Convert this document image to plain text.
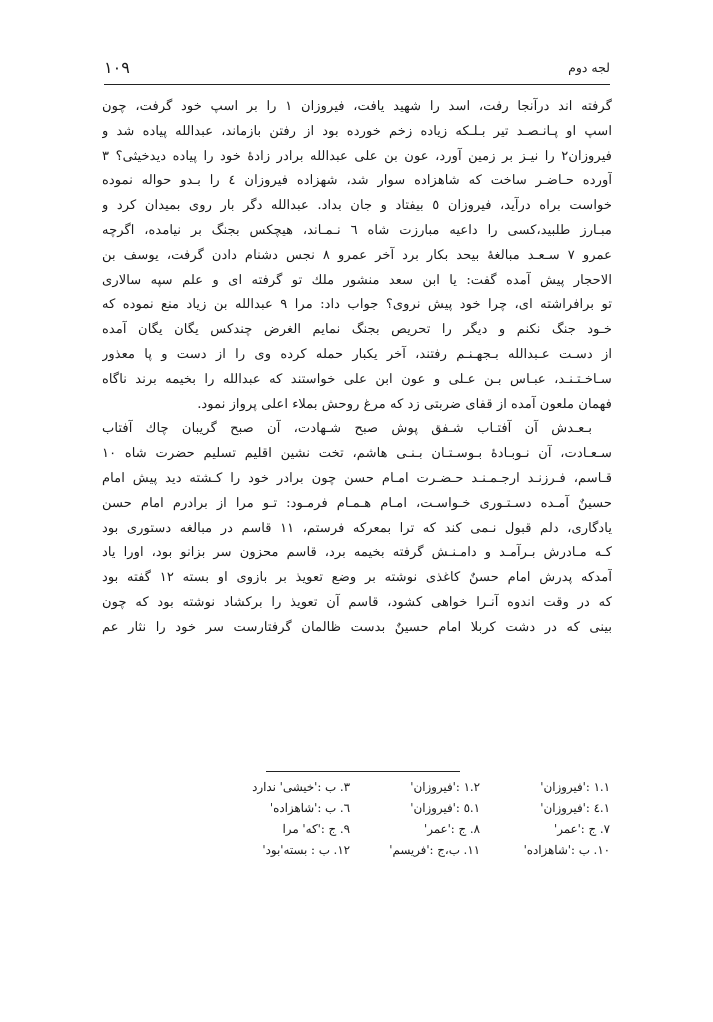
لجه دوم
۱۰۹
گرفته اند درآنجا رفت، اسد را شهید یافت، فیروزان ۱ را بر اسپ خود گرفت، چون
اسپ او پـانـصـد تیر بـلـکه زیاده زخم خورده بود از رفتن بازماند، عبدالله پیاده شد و
فیروزان۲ را نیـز بر زمین آورد، عون بن علی عبدالله برادر زادهٔ خود را پیاده دیدخیثی؟ ۳
آورده حـاضـر ساخت که شاهزاده سوار شد، شهزاده فیروزان ٤ را بـدو حواله نموده
خواست براه درآید، فیروزان ٥ بیفتاد و جان بداد. عبدالله دگر بار روی بمیدان کرد و
مبـارز طلبید،کسی را داعیه مبارزت شاه ٦ نـمـاند، هیچکس بجنگ بر نیامده، اگرچه
عمرو ۷ سـعـد مبالغهٔ بیحد بکار برد آخر عمرو ۸ نجس دشنام دادن گرفت، یوسف بن
الاحجار پیش آمده گفت: یا ابن سعد منشور ملك تو گرفته ای و علم سپه سالاری
تو برافراشته ای، چرا خود پیش نروی؟ جواب داد: مرا ۹ عبدالله بن زیاد منع نموده که
خـود جنگ نکنم و دیگر را تحریص بجنگ نمایم الغرض چندکس یگان یگان آمده
از دسـت عـبدالله بـجهـنـم رفتند، آخر یکبار حمله کرده وی را از دست و پا معذور
سـاخـتـنـد، عبـاس بـن عـلی و عون ابن علی خواستند که عبدالله را بخیمه برند ناگاه
فهمان ملعون آمده از قفای ضربتی زد که مرغ روحش بملاء اعلی پرواز نمود.
بـعـدش آن آفتـاب شـفق پوش صبح شـهادت، آن صبح گریبان چاك آفتاب
سـعـادت، آن نـوبـادهٔ بـوسـتـان بـنـی هاشم، تخت نشین اقلیم تسلیم حضرت شاه ۱۰
قـاسم، فـرزنـد ارجـمـنـد حـضـرت امـام حسن چون برادر خود را کـشته دید پیش امام
حسینٌ آمـده دسـتـوری خـواسـت، امـام هـمـام فرمـود: تـو مرا از برادرم امام حسن
یادگاری، دلم قبول نـمی کند که ترا بمعرکه فرستم، ۱۱ قاسم در مبالغه دستوری بود
کـه مـادرش بـرآمـد و دامـنـش گرفته بخیمه برد، قاسم محزون سر بزانو بود، اورا یاد
آمدکه پدرش امام حسنٌ کاغذی نوشته بر وضع تعویذ بر بازوی او بسته ۱۲ گفته بود
که در وقت اندوه آنـرا خواهی کشود، قاسم آن تعویذ را برکشاد نوشته بود که چون
بینی که در دشت کربلا امام حسینٌ بدست ظالمان گرفتارست سر خود را نثار عم
۱.۱ :'فیروزان'
۱.۲ :'فیروزان'
۳. ب :'خیشی' ندارد
۱.٤ :'فیروزان'
۱.٥ :'فیروزان'
٦. ب :'شاهزاده'
۷. ج :'عمر'
۸. ج :'عمر'
۹. ج :'که' مرا
۱۰. ب :'شاهزاده'
۱۱. ب،ج :'فریسم'
۱۲. ب : بسته'بود'
